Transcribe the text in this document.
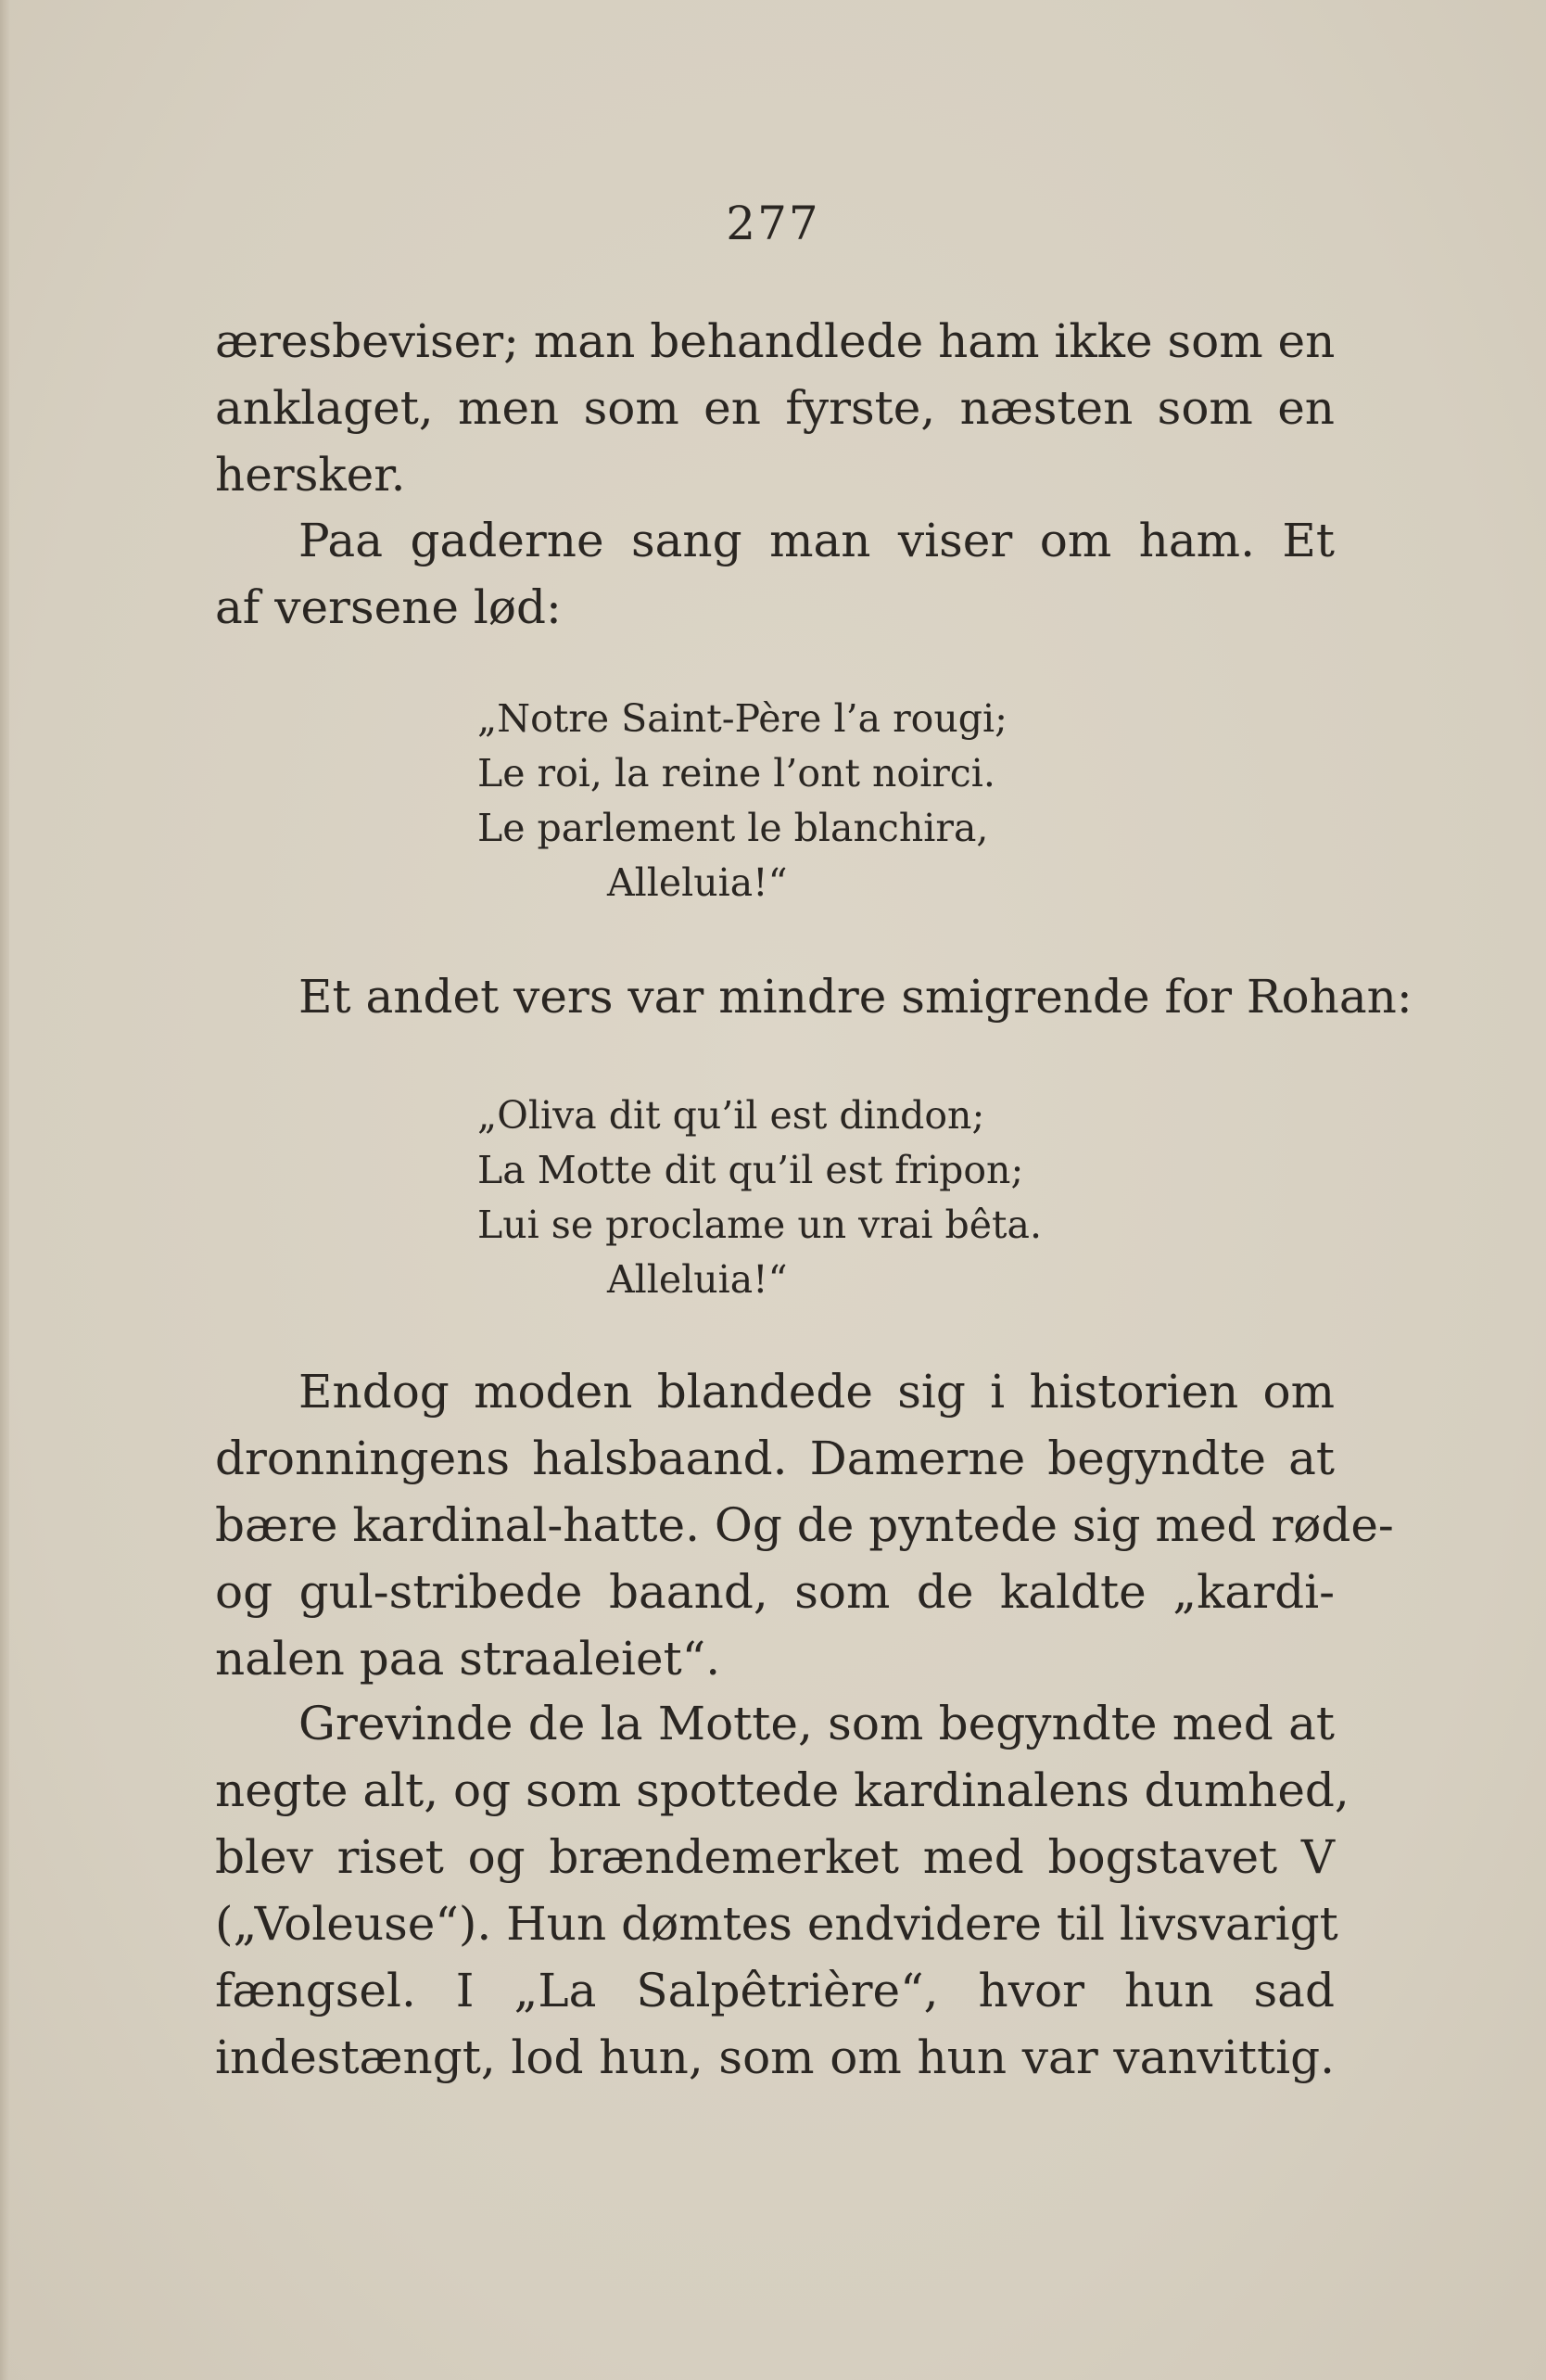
277
æresbeviser; man behandlede ham ikke som en
anklaget, men som en fyrste, næsten som en
hersker.
Paa gaderne sang man viser om ham. Et
af versene lød:
„Notre Saint-Père l’a rougi;
Le roi, la reine l’ont noirci.
Le parlement le blanchira,
Alleluia!“
Et andet vers var mindre smigrende for Rohan:
„Oliva dit qu’il est dindon;
La Motte dit qu’il est fripon;
Lui se proclame un vrai bêta.
Alleluia!“
Endog moden blandede sig i historien om
dronningens halsbaand. Damerne begyndte at
bære kardinal-hatte. Og de pyntede sig med røde-
og gul-stribede baand, som de kaldte „kardi-
nalen paa straaleiet“.
Grevinde de la Motte, som begyndte med at
negte alt, og som spottede kardinalens dumhed,
blev riset og brændemerket med bogstavet V
(„Voleuse“). Hun dømtes endvidere til livsvarigt
fængsel. I „La Salpêtrière“, hvor hun sad
indestængt, lod hun, som om hun var vanvittig.
